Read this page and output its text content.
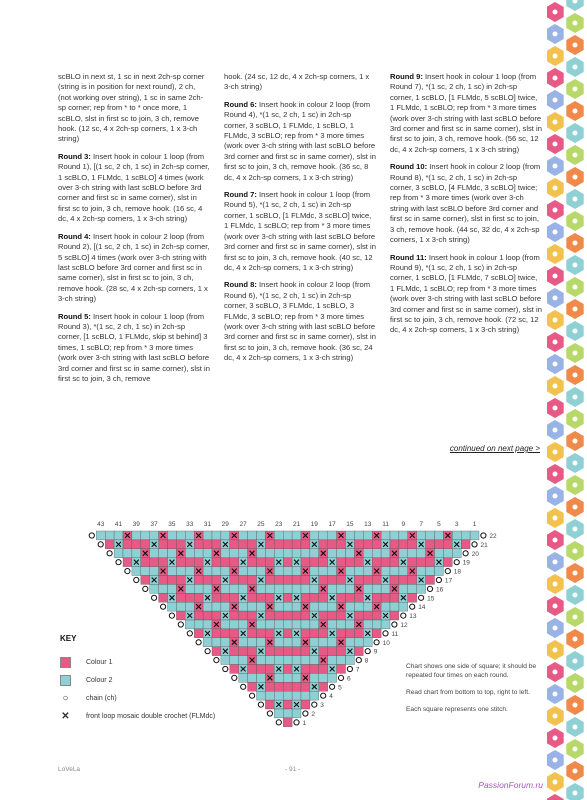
scBLO in next st, 1 sc in next 2ch-sp corner (string is in position for next round), 2 ch, (not working over string), 1 sc in same 2ch-sp corner; rep from * to * once more, 1 scBLO, slst in first sc to join, 3 ch, remove hook. (12 sc, 4 x 2ch-sp corners, 1 x 3-ch string)

Round 3: Insert hook in colour 1 loop (from Round 1), [(1 sc, 2 ch, 1 sc) in 2ch-sp corner, 1 scBLO, 1 FLMdc, 1 scBLO] 4 times (work over 3-ch string with last scBLO before 3rd corner and first sc in same corner), slst in first sc to join, 3 ch, remove hook. (16 sc, 4 dc, 4 x 2ch-sp corners, 1 x 3-ch string)

Round 4: Insert hook in colour 2 loop (from Round 2), [(1 sc, 2 ch, 1 sc) in 2ch-sp corner, 5 scBLO] 4 times (work over 3-ch string with last scBLO before 3rd corner and first sc in same corner), slst in first sc to join, 3 ch, remove hook. (28 sc, 4 x 2ch-sp corners, 1 x 3-ch string)

Round 5: Insert hook in colour 1 loop (from Round 3), *(1 sc, 2 ch, 1 sc) in 2ch-sp corner, [1 scBLO, 1 FLMdc, skip st behind] 3 times, 1 scBLO; rep from * 3 more times (work over 3-ch string with last scBLO before 3rd corner and first sc in same corner), slst in first sc to join, 3 ch, remove

hook. (24 sc, 12 dc, 4 x 2ch-sp corners, 1 x 3-ch string)

Round 6: Insert hook in colour 2 loop (from Round 4), *(1 sc, 2 ch, 1 sc) in 2ch-sp corner, 3 scBLO, 1 FLMdc, 1 scBLO, 1 FLMdc, 3 scBLO; rep from * 3 more times (work over 3-ch string with last scBLO before 3rd corner and first sc in same corner), slst in first sc to join, 3 ch, remove hook. (36 sc, 8 dc, 4 x 2ch-sp corners, 1 x 3-ch string)

Round 7: Insert hook in colour 1 loop (from Round 5), *(1 sc, 2 ch, 1 sc) in 2ch-sp corner, 1 scBLO, [1 FLMdc, 3 scBLO] twice, 1 FLMdc, 1 scBLO; rep from * 3 more times (work over 3-ch string with last scBLO before 3rd corner and first sc in same corner), slst in first sc to join, 3 ch, remove hook. (40 sc, 12 dc, 4 x 2ch-sp corners, 1 x 3-ch string)

Round 8: Insert hook in colour 2 loop (from Round 6), *(1 sc, 2 ch, 1 sc) in 2ch-sp corner, 3 scBLO, 3 FLMdc, 1 scBLO, 3 FLMdc, 3 scBLO; rep from * 3 more times (work over 3-ch string with last scBLO before 3rd corner and first sc in same corner), slst in first sc to join, 3 ch, remove hook. (36 sc, 24 dc, 4 x 2ch-sp corners, 1 x 3-ch string)

Round 9: Insert hook in colour 1 loop (from Round 7), *(1 sc, 2 ch, 1 sc) in 2ch-sp corner, 1 scBLO, [1 FLMdc, 5 scBLO] twice, 1 FLMdc, 1 scBLO; rep from * 3 more times (work over 3-ch string with last scBLO before 3rd corner and first sc in same corner), slst in first sc to join, 3 ch, remove hook. (56 sc, 12 dc, 4 x 2ch-sp corners, 1 x 3-ch string)

Round 10: Insert hook in colour 2 loop (from Round 8), *(1 sc, 2 ch, 1 sc) in 2ch-sp corner, 3 scBLO, [4 FLMdc, 3 scBLO] twice; rep from * 3 more times (work over 3-ch string with last scBLO before 3rd corner and first sc in same corner), slst in first sc to join, 3 ch, remove hook. (44 sc, 32 dc, 4 x 2ch-sp corners, 1 x 3-ch string)

Round 11: Insert hook in colour 1 loop (from Round 9), *(1 sc, 2 ch, 1 sc) in 2ch-sp corner, 1 scBLO, [1 FLMdc, 7 scBLO] twice, 1 FLMdc, 1 scBLO; rep from * 3 more times (work over 3-ch string with last scBLO before 3rd corner and first sc in same corner), slst in first sc to join, 3 ch, remove hook. (72 sc, 12 dc, 4 x 2ch-sp corners, 1 x 3-ch string)

continued on next page >
22
21
20
19
18
17
16
15
14
13
12
11
10
9
8
7
6
5
4
3
2
1
43 41 39 37 35 33 31 29 27 25 23 21 19 17 15 13 11 9 7 5 3 1
KEY
Colour 1
Colour 2
○	chain (ch)
✕ front loop mosaic double crochet (FLMdc)

Chart shows one side of square; it should be repeated four times on each round.

Read chart from bottom to top, right to left.

Each square represents one stitch.

LoVeLa	- 91 -
PassionForum.ru
